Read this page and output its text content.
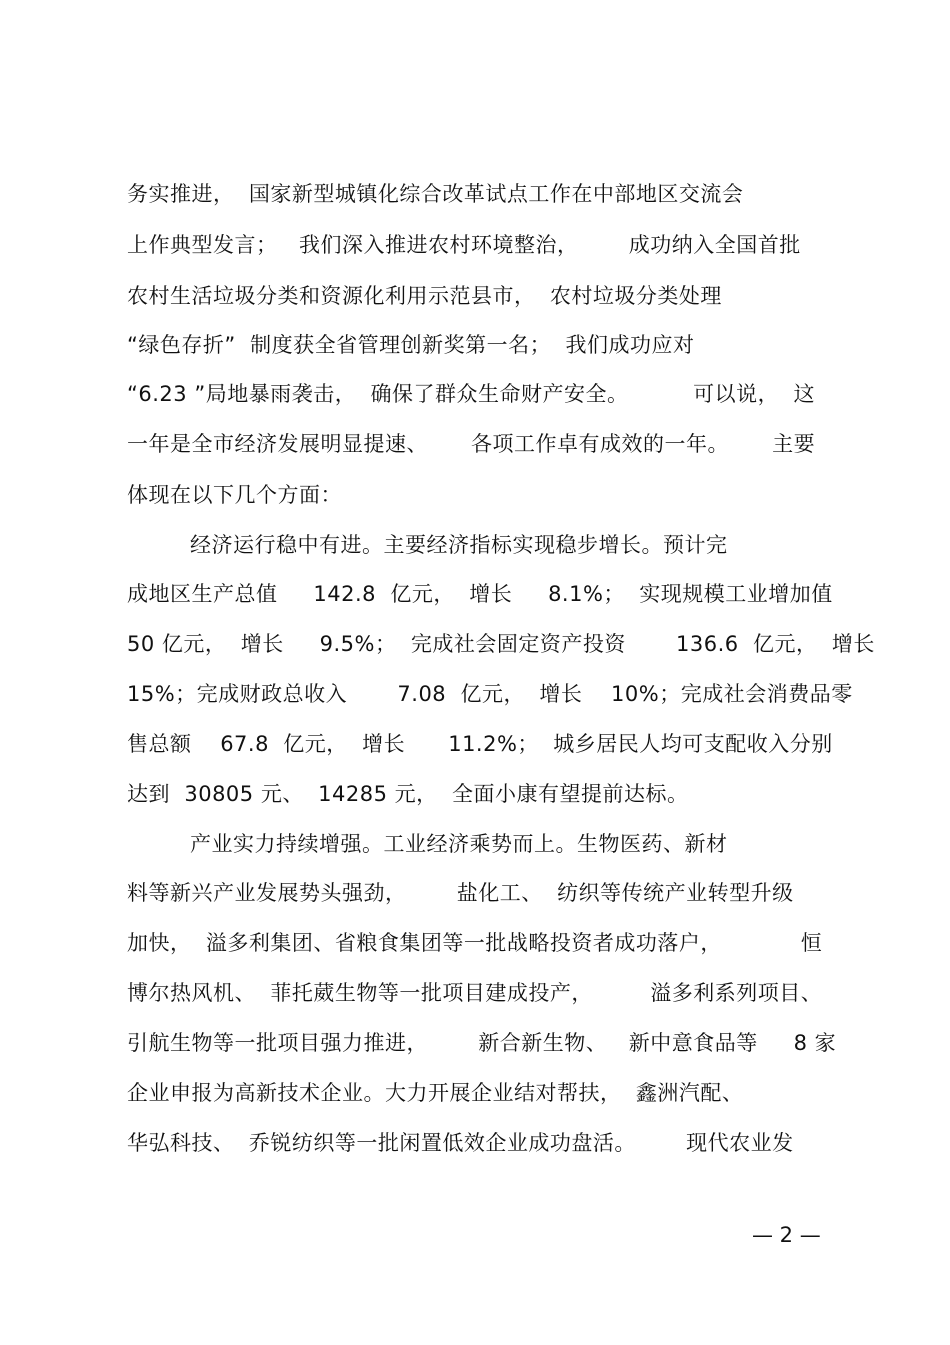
务实推进，  国家新型城镇化综合改革试点工作在中部地区交流会
上作典型发言；   我们深入推进农村环境整治，       成功纳入全国首批
农村生活垃圾分类和资源化利用示范县市，  农村垃圾分类处理
“绿色存折”  制度获全省管理创新奖第一名；  我们成功应对
“6.23 ”局地暴雨袭击，  确保了群众生命财产安全。         可以说，  这
一年是全市经济发展明显提速、      各项工作卓有成效的一年。      主要
体现在以下几个方面：
经济运行稳中有进。主要经济指标实现稳步增长。预计完
成地区生产总值     142.8  亿元，  增长     8.1%；  实现规模工业增加值
50 亿元，  增长     9.5%；  完成社会固定资产投资       136.6  亿元，  增长
15%；完成财政总收入       7.08  亿元，  增长    10%；完成社会消费品零
售总额    67.8  亿元，  增长      11.2%；  城乡居民人均可支配收入分别
达到  30805 元、  14285 元，  全面小康有望提前达标。
产业实力持续增强。工业经济乘势而上。生物医药、新材
料等新兴产业发展势头强劲，       盐化工、  纺织等传统产业转型升级
加快，  溢多利集团、省粮食集团等一批战略投资者成功落户，           恒
博尔热风机、  菲托葳生物等一批项目建成投产，        溢多利系列项目、
引航生物等一批项目强力推进，       新合新生物、   新中意食品等     8 家
企业申报为高新技术企业。大力开展企业结对帮扶，  鑫洲汽配、
华弘科技、  乔锐纺织等一批闲置低效企业成功盘活。       现代农业发
— 2 —
